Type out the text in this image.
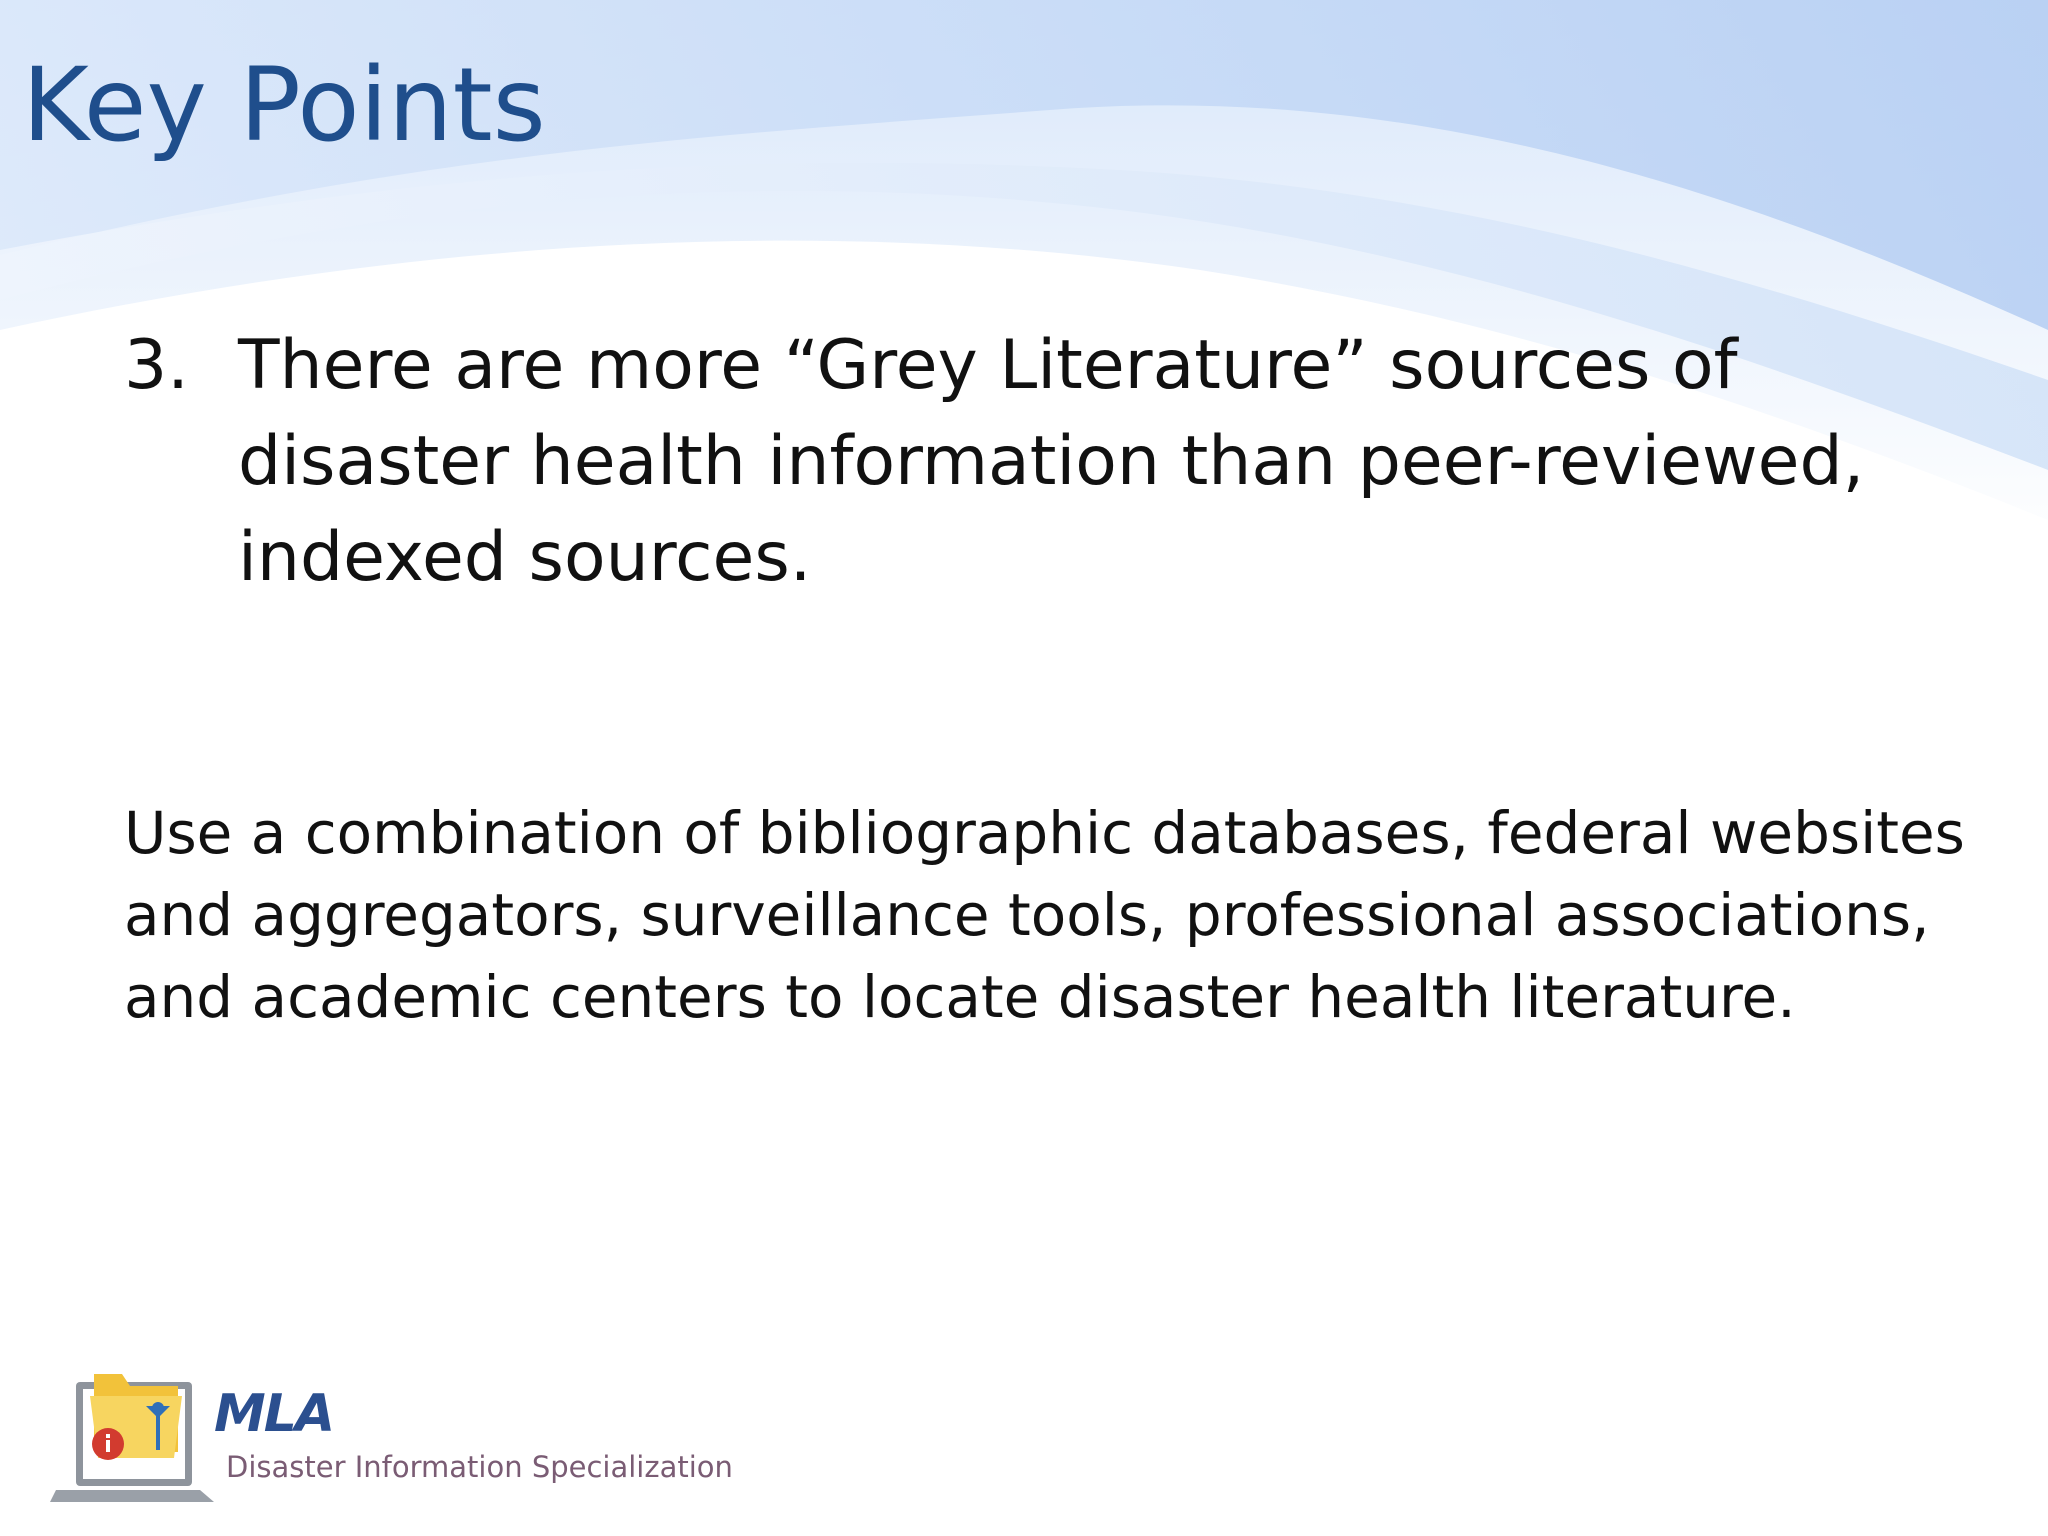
Key Points
3. There are more “Grey Literature” sources of disaster health information than peer-reviewed, indexed sources.

Use a combination of bibliographic databases, federal websites and aggregators, surveillance tools, professional associations, and academic centers to locate disaster health literature.

MLA
Disaster Information Specialization
